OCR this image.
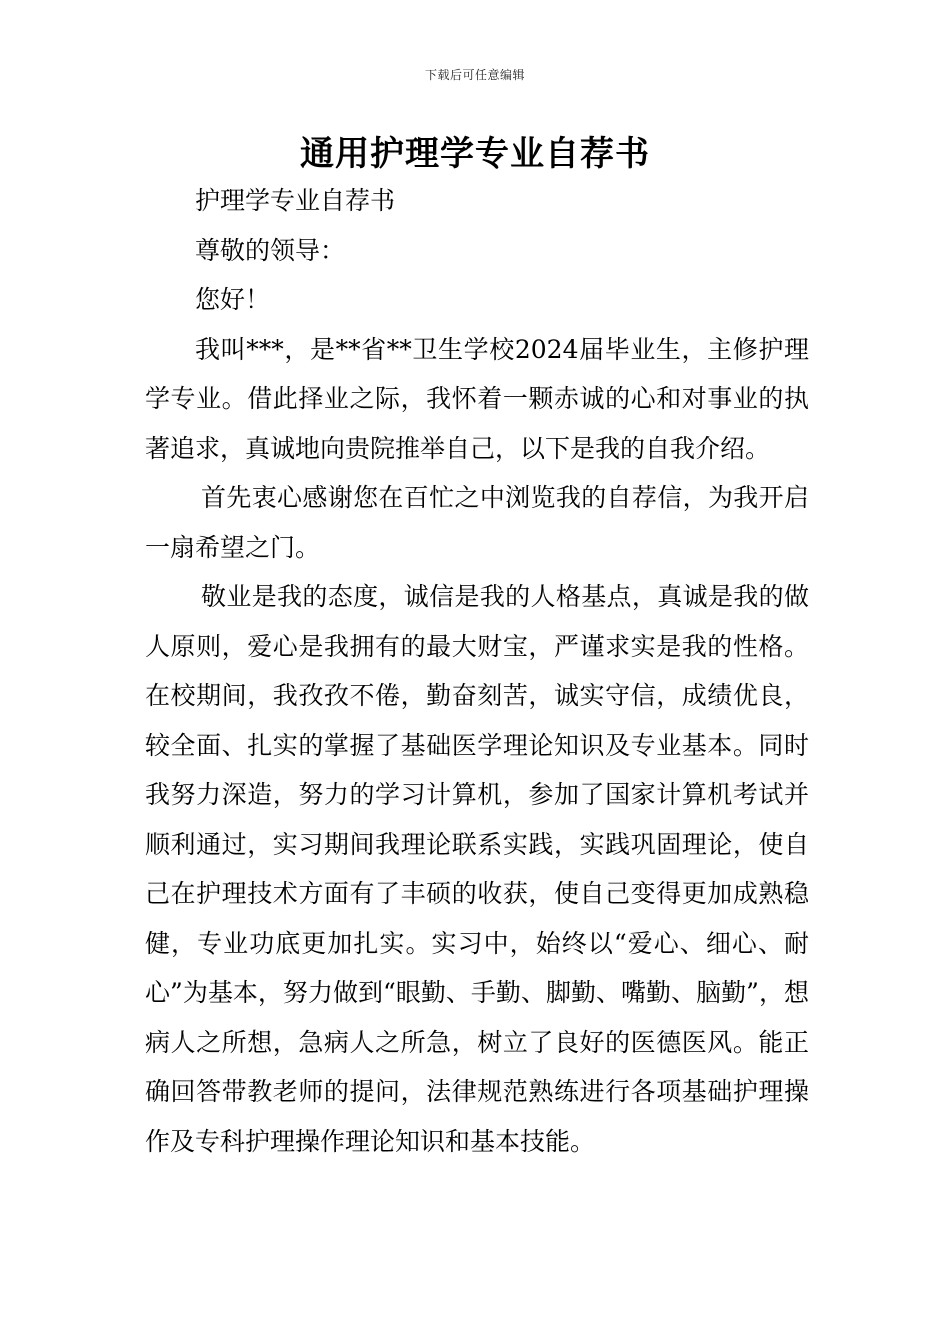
下载后可任意编辑
通用护理学专业自荐书

护理学专业自荐书

尊敬的领导：

您好！

我叫***，是**省**卫生学校2024届毕业生，主修护理学专业。借此择业之际，我怀着一颗赤诚的心和对事业的执著追求，真诚地向贵院推举自己，以下是我的自我介绍。

首先衷心感谢您在百忙之中浏览我的自荐信，为我开启一扇希望之门。

敬业是我的态度，诚信是我的人格基点，真诚是我的做人原则，爱心是我拥有的最大财宝，严谨求实是我的性格。在校期间，我孜孜不倦，勤奋刻苦，诚实守信，成绩优良，较全面、扎实的掌握了基础医学理论知识及专业基本。同时我努力深造，努力的学习计算机，参加了国家计算机考试并顺利通过，实习期间我理论联系实践，实践巩固理论，使自己在护理技术方面有了丰硕的收获，使自己变得更加成熟稳健，专业功底更加扎实。实习中，始终以“爱心、细心、耐心”为基本，努力做到“眼勤、手勤、脚勤、嘴勤、脑勤”，想病人之所想，急病人之所急，树立了良好的医德医风。能正确回答带教老师的提问，法律规范熟练进行各项基础护理操作及专科护理操作理论知识和基本技能。
